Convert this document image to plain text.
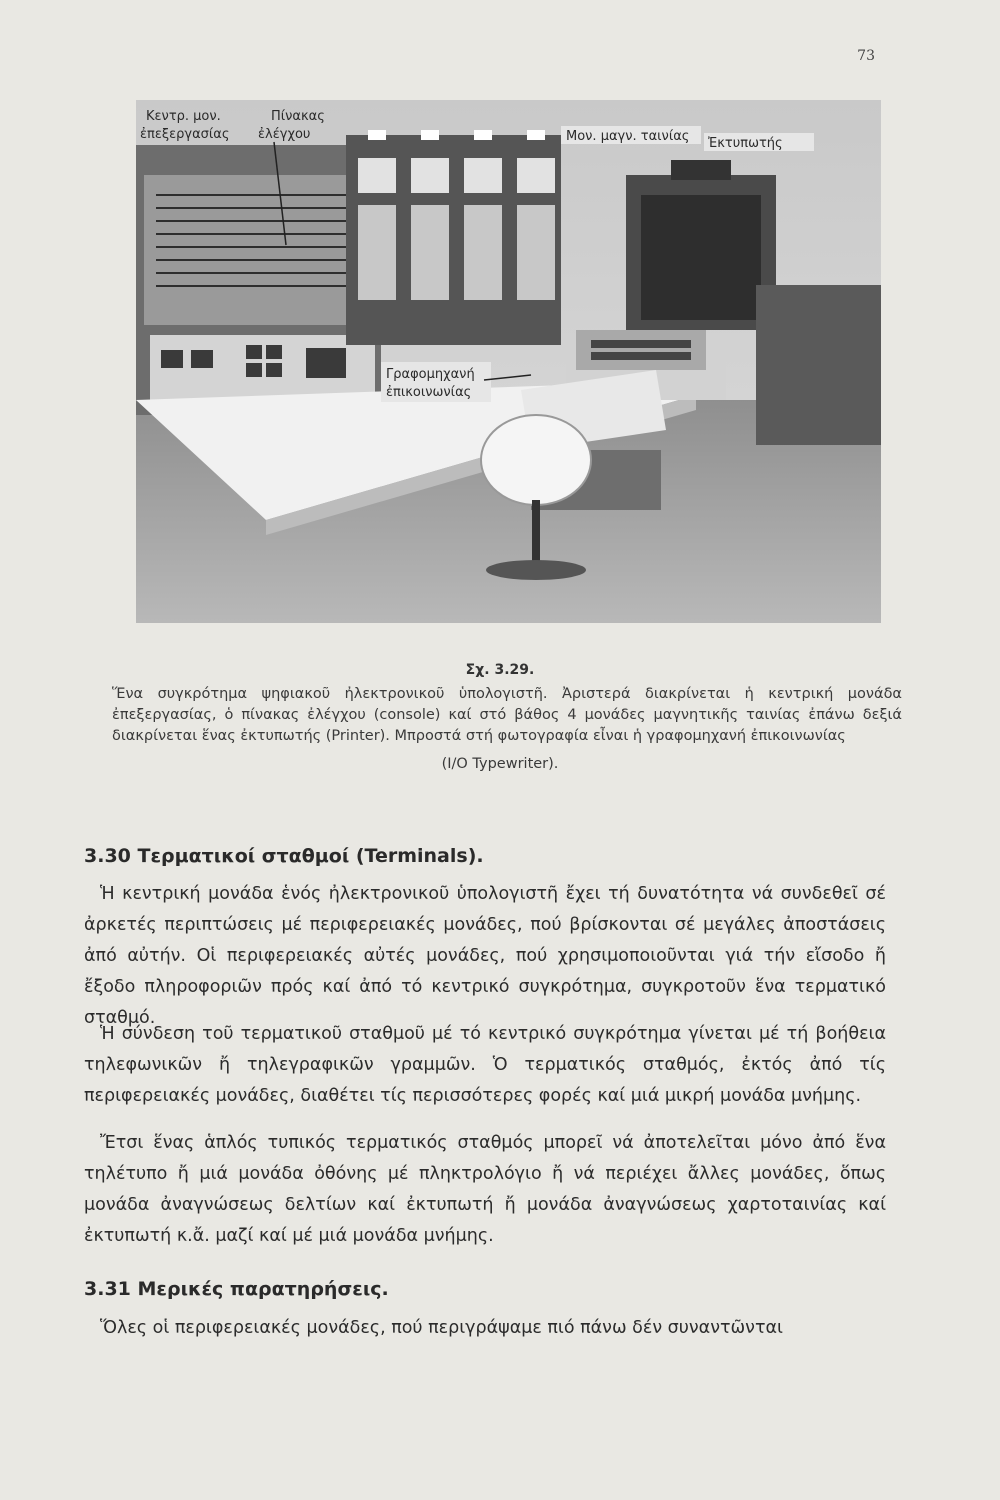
73
Κεντρ. μον.
ἐπεξεργασίας
Πίνακας
ἐλέγχου	Μον. μαγν. ταινίας Ἐκτυπωτής
Γραφομηχανή
ἐπικοινωνίας
Σχ. 3.29.
Ἕνα συγκρότημα ψηφιακοῦ ἠλεκτρονικοῦ ὑπολογιστῆ. Ἀριστερά διακρίνεται ἡ κεντρική μονάδα ἐπεξεργασίας, ὁ πίνακας ἐλέγχου (console) καί στό βάθος 4 μονάδες μαγνητικῆς ταινίας ἐπάνω δεξιά διακρίνεται ἕνας ἐκτυπωτής (Printer). Μπροστά στή φωτογραφία εἶναι ἡ γραφομηχανή ἐπικοινωνίας
(I/O Typewriter).
3.30 Τερματικοί σταθμοί (Terminals).
Ἡ κεντρική μονάδα ἑνός ἠλεκτρονικοῦ ὑπολογιστῆ ἔχει τή δυνατότητα νά συνδεθεῖ σέ ἀρκετές περιπτώσεις μέ περιφερειακές μονάδες, πού βρίσκονται σέ μεγάλες ἀποστάσεις ἀπό αὐτήν. Οἱ περιφερειακές αὐτές μονάδες, πού χρησιμοποιοῦνται γιά τήν εἴσοδο ἤ ἔξοδο πληροφοριῶν πρός καί ἀπό τό κεντρικό συγκρότημα, συγκροτοῦν ἕνα τερματικό σταθμό.
Ἡ σύνδεση τοῦ τερματικοῦ σταθμοῦ μέ τό κεντρικό συγκρότημα γίνεται μέ τή βοήθεια τηλεφωνικῶν ἤ τηλεγραφικῶν γραμμῶν. Ὁ τερματικός σταθμός, ἐκτός ἀπό τίς περιφερειακές μονάδες, διαθέτει τίς περισσότερες φορές καί μιά μικρή μονάδα μνήμης.
Ἔτσι ἕνας ἁπλός τυπικός τερματικός σταθμός μπορεῖ νά ἀποτελεῖται μόνο ἀπό ἕνα τηλέτυπο ἤ μιά μονάδα ὀθόνης μέ πληκτρολόγιο ἤ νά περιέχει ἄλλες μονάδες, ὅπως μονάδα ἀναγνώσεως δελτίων καί ἐκτυπωτή ἤ μονάδα ἀναγνώσεως χαρτοταινίας καί ἐκτυπωτή κ.ἄ. μαζί καί μέ μιά μονάδα μνήμης.
3.31 Μερικές παρατηρήσεις.
Ὅλες οἱ περιφερειακές μονάδες, πού περιγράψαμε πιό πάνω δέν συναντῶνται
